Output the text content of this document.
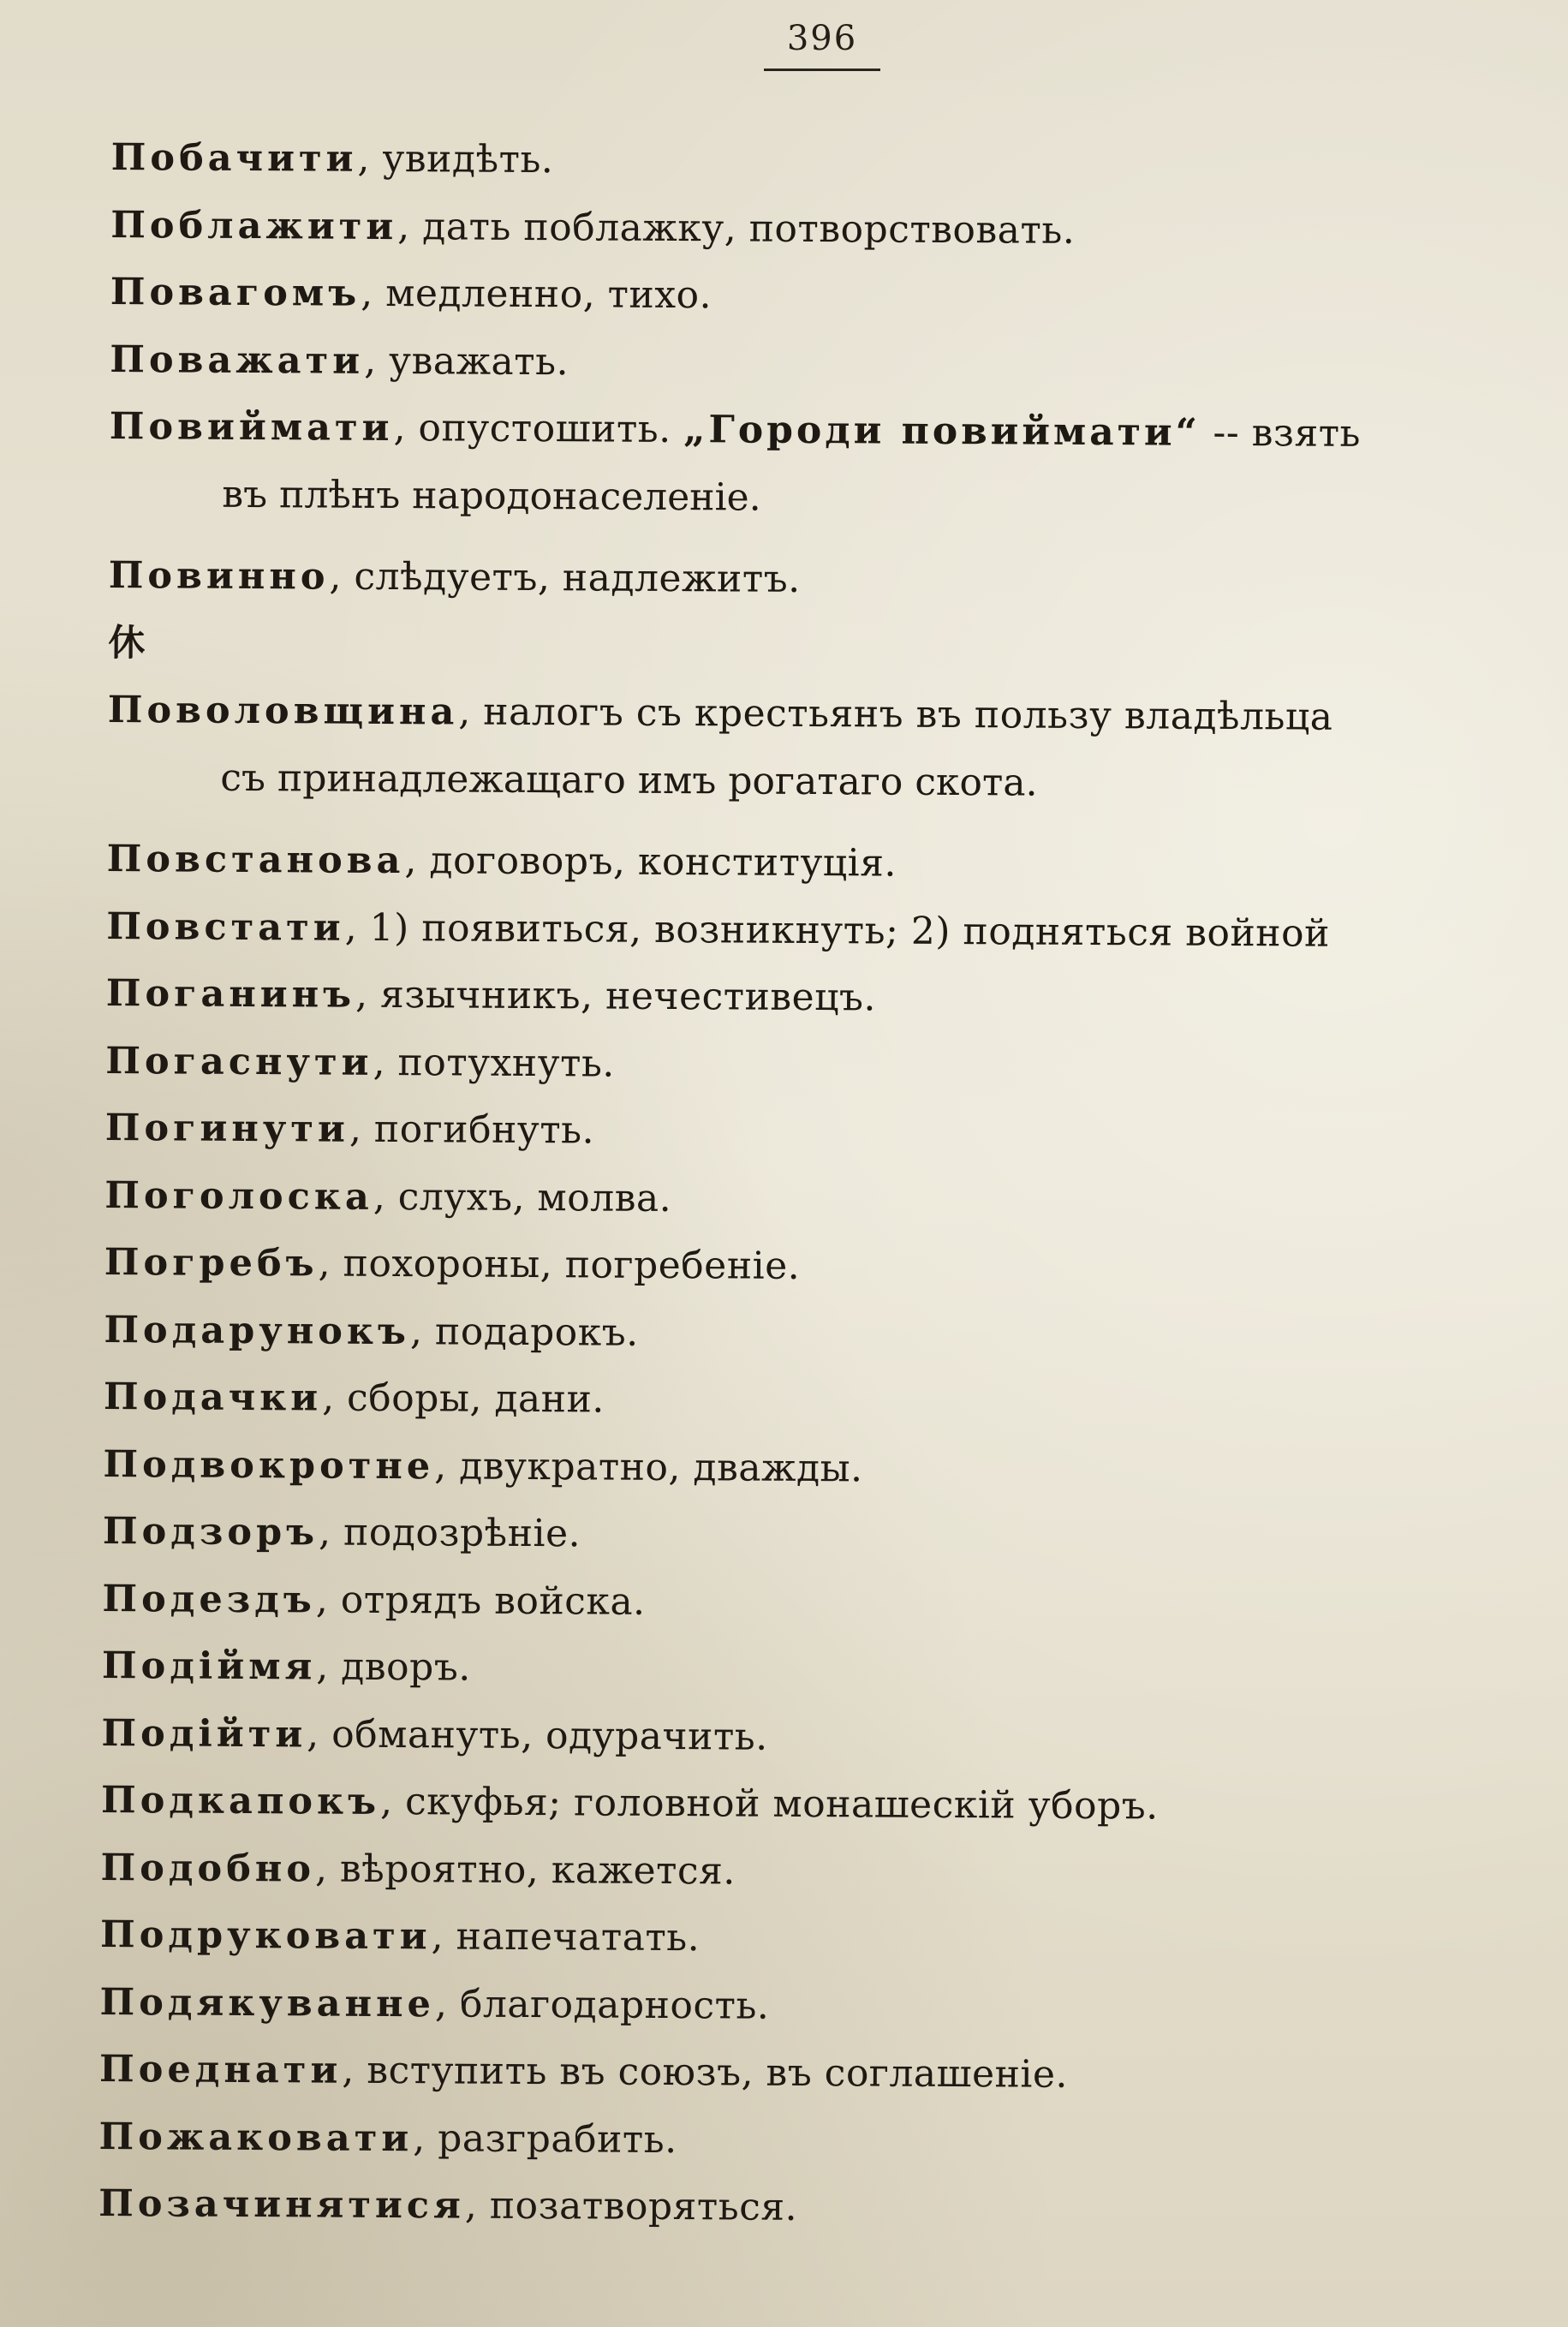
396
Побачити, увидѣть.
Поблажити, дать поблажку, потворствовать.
Повагомъ, медленно, тихо.
Поважати, уважать.
Повиймати, опустошить. „Городи повиймати“ -- взять
въ плѣнъ народонаселеніе.
Повинно, слѣдуетъ, надлежитъ.
休
Поволовщина, налогъ съ крестьянъ въ пользу владѣльца
съ принадлежащаго имъ рогатаго скота.
Повстанова, договоръ, конституція.
Повстати, 1) появиться, возникнуть; 2) подняться войной
Поганинъ, язычникъ, нечестивецъ.
Погаснути, потухнуть.
Погинути, погибнуть.
Поголоска, слухъ, молва.
Погребъ, похороны, погребеніе.
Подарунокъ, подарокъ.
Подачки, сборы, дани.
Подвокротне, двукратно, дважды.
Подзоръ, подозрѣніе.
Подездъ, отрядъ войска.
Подiймя, дворъ.
Подiйти, обмануть, одурачить.
Подкапокъ, скуфья; головной монашескій уборъ.
Подобно, вѣроятно, кажется.
Подруковати, напечатать.
Подякуванне, благодарность.
Поеднати, вступить въ союзъ, въ соглашеніе.
Пожаковати, разграбить.
Позачинятися, позатворяться.
